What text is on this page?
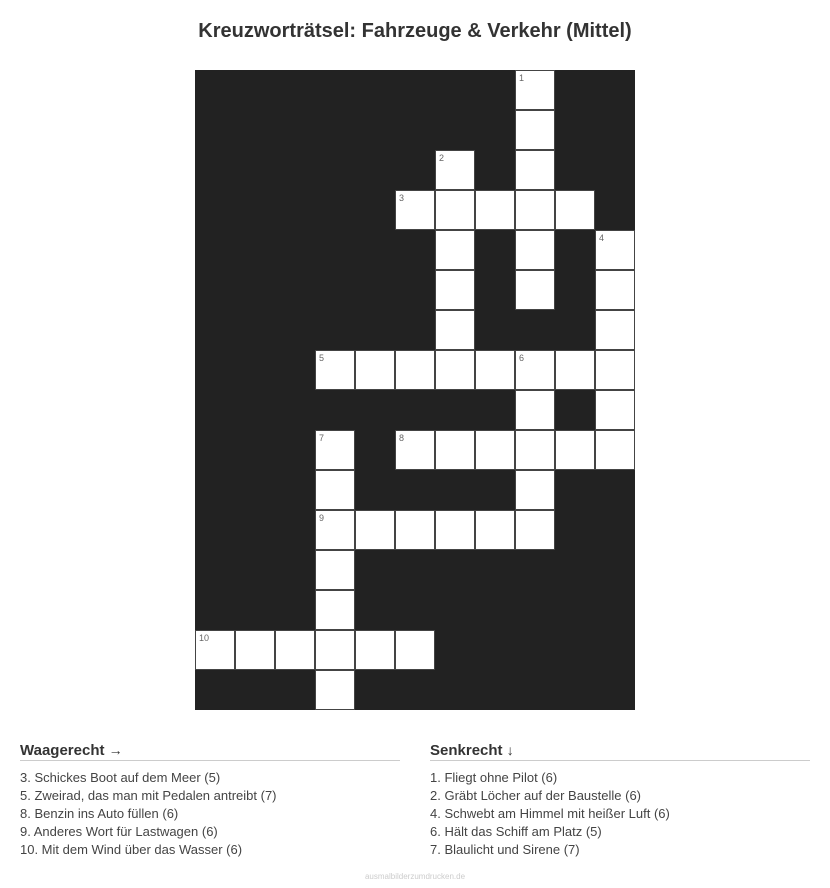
Kreuzworträtsel: Fahrzeuge & Verkehr (Mittel)
1
2
3
4
5	6
7	8
9
10
Waagerecht →
3. Schickes Boot auf dem Meer (5)
5. Zweirad, das man mit Pedalen antreibt (7)
8. Benzin ins Auto füllen (6)
9. Anderes Wort für Lastwagen (6)
10. Mit dem Wind über das Wasser (6)
Senkrecht ↓
1. Fliegt ohne Pilot (6)
2. Gräbt Löcher auf der Baustelle (6)
4. Schwebt am Himmel mit heißer Luft (6)
6. Hält das Schiff am Platz (5)
7. Blaulicht und Sirene (7)
ausmalbilderzumdrucken.de
